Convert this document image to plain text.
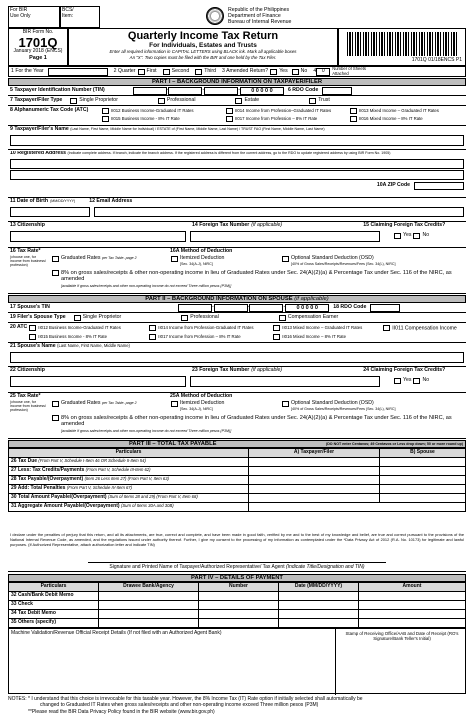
For BIR
Use Only
BCS/
Item:
Republic of the Philippines
Department of Finance
Bureau of Internal Revenue
BIR Form No.
1701Q
January 2018 (ENCS)
Page 1
Quarterly Income Tax Return
For Individuals, Estates and Trusts
Enter all required information in CAPITAL LETTERS using BLACK ink. Mark all applicable boxes
An "X". Two copies must be filed with the BIR and one held by the Tax Filer.
1701Q 01/18ENCS P1
1 For the Year	2 Quarter First	Second	Third 3 Amended Return? Yes	No 4	0	Number of Sheets Attached
PART I – BACKGROUND INFORMATION ON TAXPAYER/FILER
5 Taxpayer Identification Number (TIN)	0 0 0 0 0	6 RDO Code
7 Taxpayer/Filer Type	Single Proprietor	Professional	Estate	Trust
8 Alphanumeric Tax Code (ATC)	II012 Business Income-Graduated IT Rates	II014 Income from Profession–Graduated IT Rates	II013 Mixed Income – Graduated IT Rates
II015 Business Income - 8% IT Rate	II017 Income from Profession – 8% IT Rate	II016 Mixed Income – 8% IT Rate
9 Taxpayer/Filer's Name (Last Name, First Name, Middle Name for Individual) / ESTATE of (First Name, Middle Name, Last Name) / TRUST FAO (First Name, Middle Name, Last Name)
10 Registered Address (Indicate complete address. If branch, indicate the branch address. If the registered address is different from the current address, go to the RDO to update registered address by using BIR Form No. 1905)
10A ZIP Code
11 Date of Birth (MM/DD/YYYY)	12 Email Address
13 Citizenship	14 Foreign Tax Number (if applicable)	15 Claiming Foreign Tax Credits?
Yes No
16 Tax Rate*
(choose one, for income from business/ profession)
16A Method of Deduction
Graduated Rates per Tax Table- page 2	Itemized Deduction
[Sec. 34(A-J), NIRC]
Optional Standard Deduction (OSD)
[40% of Gross Sales/Receipts/Revenues/Fees (Sec. 34(L), NIRC]
8% on gross sales/receipts & other non-operating income in lieu of Graduated Rates under Sec. 24(A)(2)(a) & Percentage Tax under Sec. 116 of the NIRC, as amended
[available if gross sales/receipts and other non-operating income do not exceed Three million pesos (P3M)]
PART II – BACKGROUND INFORMATION ON SPOUSE
(if applicable)
17 Spouse's TIN	0 0 0 0 0	18 RDO Code
19 Filer's Spouse Type	Single Proprietor	Professional	Compensation Earner
20 ATC	II012 Business Income-Graduated IT Rates	II014 Income from Profession-Graduated IT Rates	II013 Mixed Income – Graduated IT Rates	II011 Compensation Income
II015 Business Income - 8% IT Rate	II017 Income from Profession – 8% IT Rate	II016 Mixed Income – 8% IT Rate
21 Spouse's Name (Last Name, First Name, Middle Name)
22 Citizenship	23 Foreign Tax Number (if applicable)	24 Claiming Foreign Tax Credits?
Yes No
25 Tax Rate*
(choose one, for income from business/ profession)
25A Method of Deduction
Graduated Rates per Tax Table- page 2	Itemized Deduction
[Sec. 34(A-J), NIRC]
Optional Standard Deduction (OSD)
[40% of Gross Sales/Receipts/Revenues/Fees (Sec. 34(L), NIRC]
8% on gross sales/receipts & other non-operating income in lieu of Graduated Rates under Sec. 24(A)(2)(a) & Percentage Tax under Sec. 116 of the NIRC, as amended
[available if gross sales/receipts and other non-operating income do not exceed Three million pesos (P3M)]
PART III – TOTAL TAX PAYABLE	(DO NOT enter Centavos; 49 Centavos or Less drop down; 50 or more round up)
Particulars	A) Taxpayer/Filer	B) Spouse
26 Tax Due (From Part V, Schedule I-Item 46 OR Schedule II-Item 54)		
27 Less: Tax Credits/Payments (From Part V, Schedule III-Item 62)		
28 Tax Payable/(Overpayment) (Item 26 Less Item 27) (From Part V, Item 63)		
29 Add: Total Penalties (From Part V, Schedule IV-Item 67)		
30 Total Amount Payable/(Overpayment) (Sum of Items 28 and 29) (From Part V, Item 68)		
31 Aggregate Amount Payable/(Overpayment) (Sum of Items 30A and 30B)		
I declare under the penalties of perjury that this return, and all its attachments, are true, correct and complete, and have been made in good faith, verified by me and to the best of my knowledge and belief, are true and correct pursuant to the provisions of the National Internal Revenue Code, as amended, and the regulations issued under authority thereof. Further, I give my consent to the processing of my information as contemplated under the *Data Privacy Act of 2012 (R.A. No. 10173) for legitimate and lawful purposes. (If Authorized Representative, attach authorization letter and indicate TIN)
Signature and Printed Name of Taxpayer/Authorized Representative/ Tax Agent (Indicate Title/Designation and TIN)
PART IV – DETAILS OF PAYMENT
Particulars	Drawee Bank/Agency	Number	Date (MM/DD/YYYY)	Amount
32 Cash/Bank Debit Memo				
33 Check				
34 Tax Debit Memo				
35 Others (specify)				
Machine Validation/Revenue Official Receipt Details (If not filed with an Authorized Agent Bank)	Stamp of Receiving Office/AAB and Date of Receipt (RO's Signature/Bank Teller's Initial)
NOTES: * I understand that this choice is irrevocable for this taxable year. However, the 8% Income Tax (IT) Rate option if initially selected shall automatically be
changed to Graduated IT Rates when gross sales/receipts and other non-operating income exceed Three million pesos (P3M)
**Please read the BIR Data Privacy Policy found in the BIR website (www.bir.gov.ph)
